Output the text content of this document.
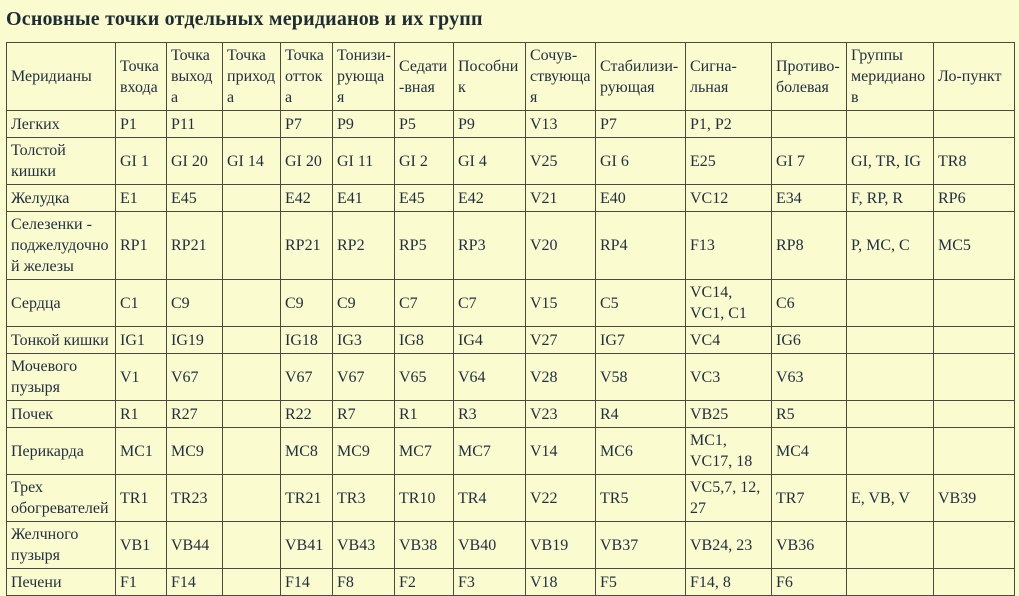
Основные точки отдельных меридианов и их групп
Меридианы	Точка входа	Точка выхода	Точка прихода	Точка оттока	Тонизи-рующая	Седати-вная	Пособник	Сочув-ствующая	Стабилизи-рующая	Сигна-льная	Противо-болевая	Группы меридианов	Ло-пункт
Легких	P1	P11		P7	P9	P5	P9	V13	P7	P1, P2			
Толстой кишки	GI 1	GI 20	GI 14	GI 20	GI 11	GI 2	GI 4	V25	GI 6	E25	GI 7	GI, TR, IG	TR8
Желудка	E1	E45		E42	E41	E45	E42	V21	E40	VC12	E34	F, RP, R	RP6
Селезенки - поджелудочной железы	RP1	RP21		RP21	RP2	RP5	RP3	V20	RP4	F13	RP8	P, MC, C	MC5
Сердца	C1	C9		C9	C9	C7	C7	V15	C5	VC14, VC1, C1	C6		
Тонкой кишки	IG1	IG19		IG18	IG3	IG8	IG4	V27	IG7	VC4	IG6		
Мочевого пузыря	V1	V67		V67	V67	V65	V64	V28	V58	VC3	V63		
Почек	R1	R27		R22	R7	R1	R3	V23	R4	VB25	R5		
Перикарда	MC1	MC9		MC8	MC9	MC7	MC7	V14	MC6	MC1, VC17, 18	MC4		
Трех обогревателей	TR1	TR23		TR21	TR3	TR10	TR4	V22	TR5	VC5,7, 12, 27	TR7	E, VB, V	VB39
Желчного пузыря	VB1	VB44		VB41	VB43	VB38	VB40	VB19	VB37	VB24, 23	VB36		
Печени	F1	F14		F14	F8	F2	F3	V18	F5	F14, 8	F6		
